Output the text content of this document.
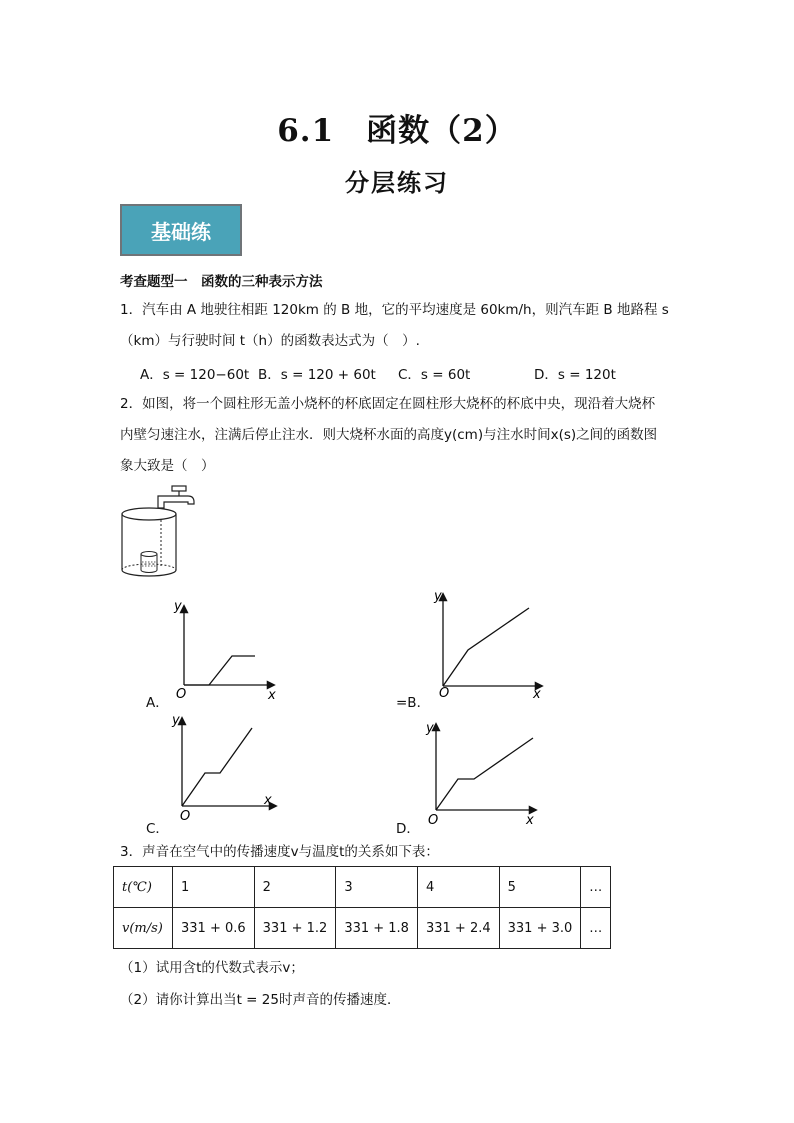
6.1　函数（2）
分层练习
基础练
考查题型一　函数的三种表示方法
1．汽车由 A 地驶往相距 120km 的 B 地，它的平均速度是 60km/h，则汽车距 B 地路程 s
（km）与行驶时间 t（h）的函数表达式为（　）.
A．s = 120−60t B．s = 120 + 60t C．s = 60t	D．s = 120t
2．如图，将一个圆柱形无盖小烧杯的杯底固定在圆柱形大烧杯的杯底中央，现沿着大烧杯
内壁匀速注水，注满后停止注水．则大烧杯水面的高度y(cm)与注水时间x(s)之间的函数图
象大致是（　）
y
x
O
A．
y
x
O
=B．
y
x
O
C．
y
x
O
D．
3．声音在空气中的传播速度v与温度t的关系如下表：
t(℃)	1	2	3	4	5	…
v(m/s)	331 + 0.6	331 + 1.2	331 + 1.8	331 + 2.4	331 + 3.0	…
（1）试用含t的代数式表示v；
（2）请你计算出当t = 25时声音的传播速度．
